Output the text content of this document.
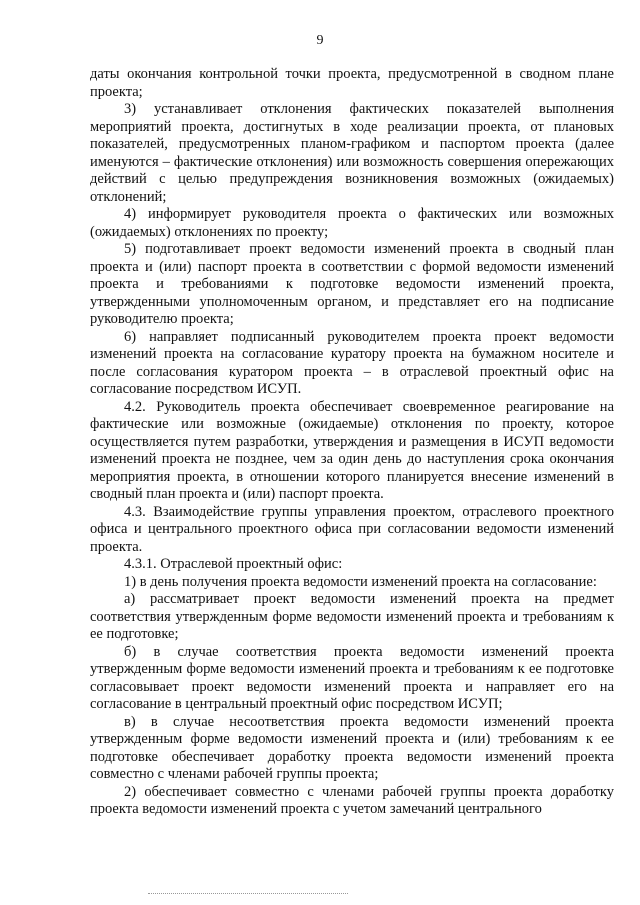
9

даты окончания контрольной точки проекта, предусмотренной в сводном плане проекта;

3) устанавливает отклонения фактических показателей выполнения мероприятий проекта, достигнутых в ходе реализации проекта, от плановых показателей, предусмотренных планом-графиком и паспортом проекта (далее именуются – фактические отклонения) или возможность совершения опережающих действий с целью предупреждения возникновения возможных (ожидаемых) отклонений;

4) информирует руководителя проекта о фактических или возможных (ожидаемых) отклонениях по проекту;

5) подготавливает проект ведомости изменений проекта в сводный план проекта и (или) паспорт проекта в соответствии с формой ведомости изменений проекта и требованиями к подготовке ведомости изменений проекта, утвержденными уполномоченным органом, и представляет его на подписание руководителю проекта;

6) направляет подписанный руководителем проекта проект ведомости изменений проекта на согласование куратору проекта на бумажном носителе и после согласования куратором проекта – в отраслевой проектный офис на согласование посредством ИСУП.

4.2. Руководитель проекта обеспечивает своевременное реагирование на фактические или возможные (ожидаемые) отклонения по проекту, которое осуществляется путем разработки, утверждения и размещения в ИСУП ведомости изменений проекта не позднее, чем за один день до наступления срока окончания мероприятия проекта, в отношении которого планируется внесение изменений в сводный план проекта и (или) паспорт проекта.

4.3. Взаимодействие группы управления проектом, отраслевого проектного офиса и центрального проектного офиса при согласовании ведомости изменений проекта.

4.3.1. Отраслевой проектный офис:

1) в день получения проекта ведомости изменений проекта на согласование:

а) рассматривает проект ведомости изменений проекта на предмет соответствия утвержденным форме ведомости изменений проекта и требованиям к ее подготовке;

б) в случае соответствия проекта ведомости изменений проекта утвержденным форме ведомости изменений проекта и требованиям к ее подготовке согласовывает проект ведомости изменений проекта и направляет его на согласование в центральный проектный офис посредством ИСУП;

в) в случае несоответствия проекта ведомости изменений проекта утвержденным форме ведомости изменений проекта и (или) требованиям к ее подготовке обеспечивает доработку проекта ведомости изменений проекта совместно с членами рабочей группы проекта;

2) обеспечивает совместно с членами рабочей группы проекта доработку проекта ведомости изменений проекта с учетом замечаний центрального
